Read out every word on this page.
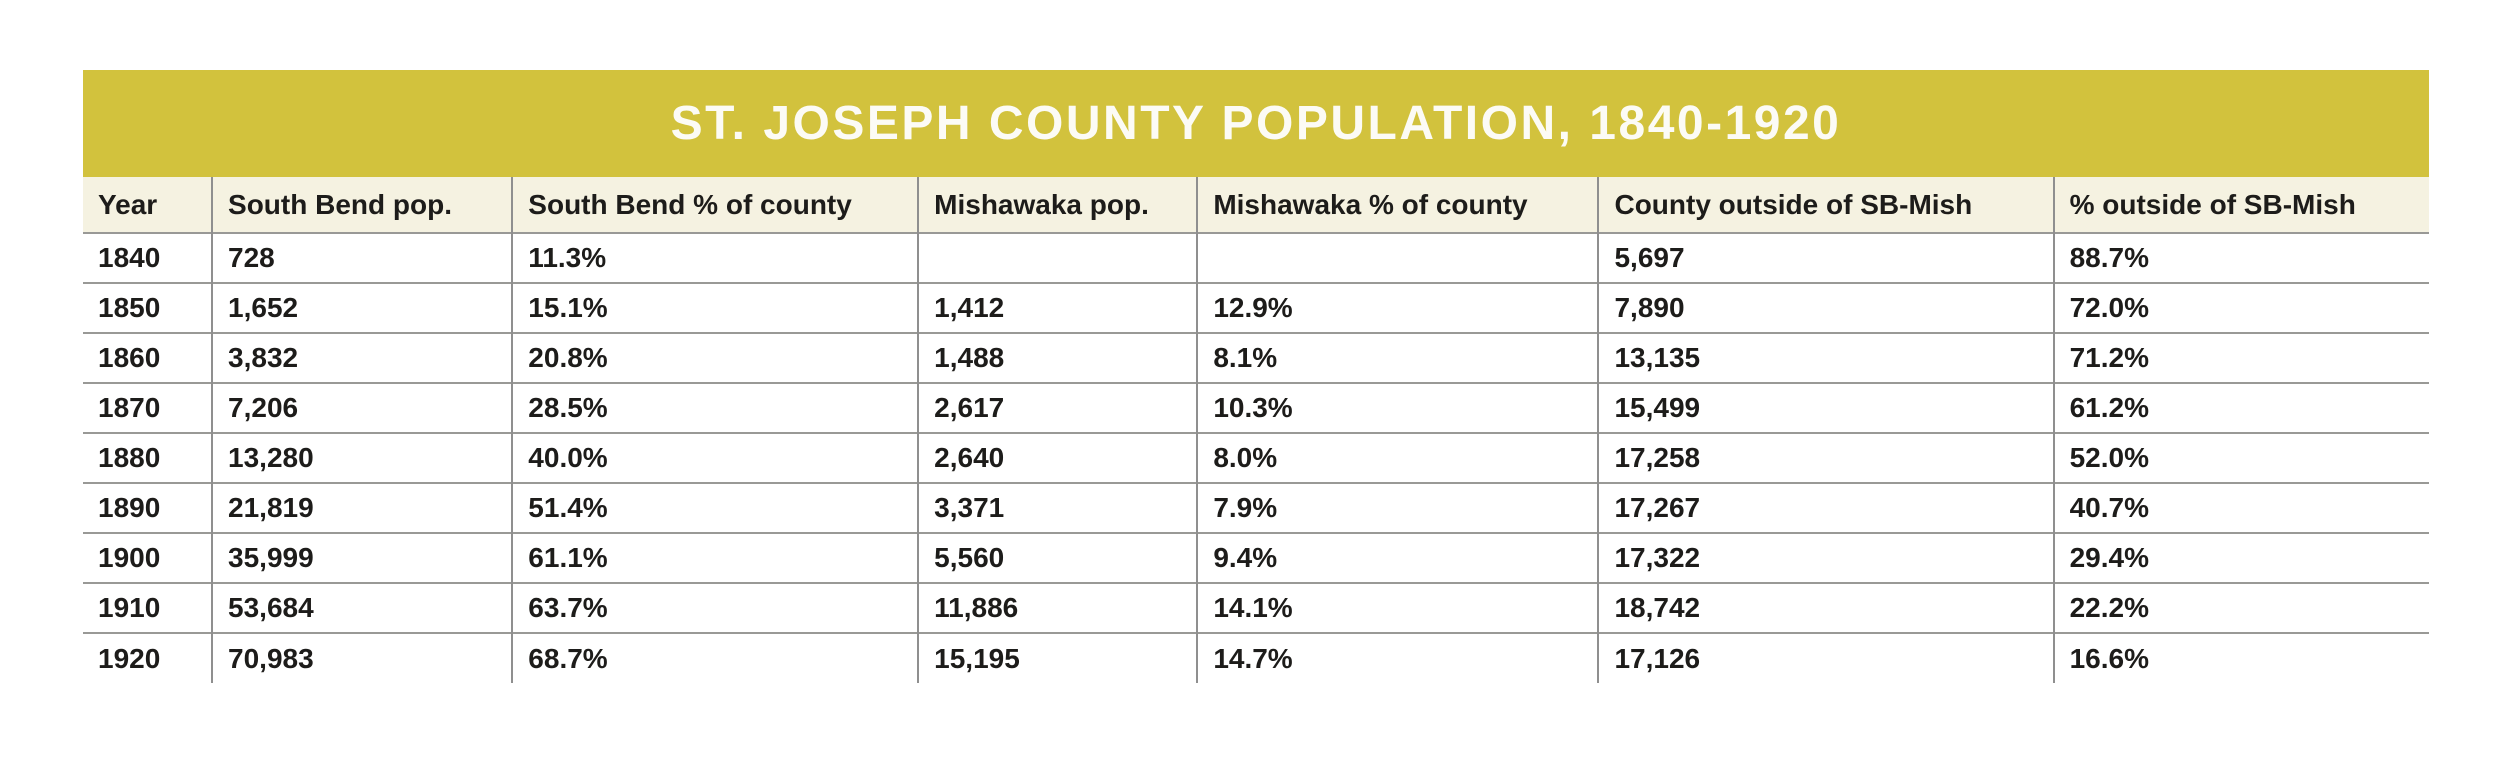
ST. JOSEPH COUNTY POPULATION, 1840-1920
Year	South Bend pop.	South Bend % of county	Mishawaka pop.	Mishawaka % of county	County outside of SB-Mish	% outside of SB-Mish
1840	728	11.3%			5,697	88.7%
1850	1,652	15.1%	1,412	12.9%	7,890	72.0%
1860	3,832	20.8%	1,488	8.1%	13,135	71.2%
1870	7,206	28.5%	2,617	10.3%	15,499	61.2%
1880	13,280	40.0%	2,640	8.0%	17,258	52.0%
1890	21,819	51.4%	3,371	7.9%	17,267	40.7%
1900	35,999	61.1%	5,560	9.4%	17,322	29.4%
1910	53,684	63.7%	11,886	14.1%	18,742	22.2%
1920	70,983	68.7%	15,195	14.7%	17,126	16.6%
